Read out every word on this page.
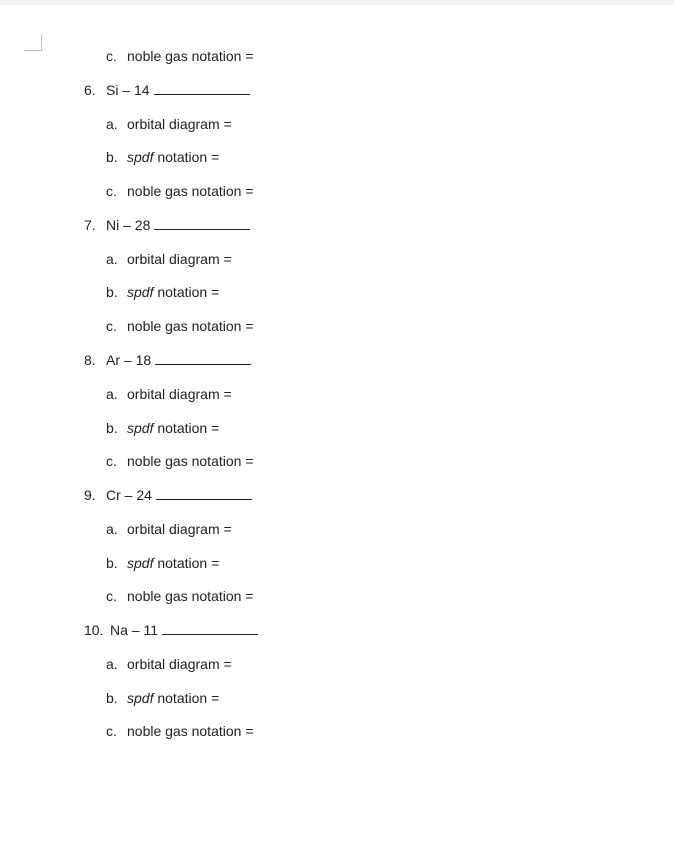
c. noble gas notation =
6. Si – 14
a. orbital diagram =
b. spdf notation =
c. noble gas notation =
7. Ni – 28
a. orbital diagram =
b. spdf notation =
c. noble gas notation =
8. Ar – 18
a. orbital diagram =
b. spdf notation =
c. noble gas notation =
9. Cr – 24
a. orbital diagram =
b. spdf notation =
c. noble gas notation =
10. Na – 11
a. orbital diagram =
b. spdf notation =
c. noble gas notation =
